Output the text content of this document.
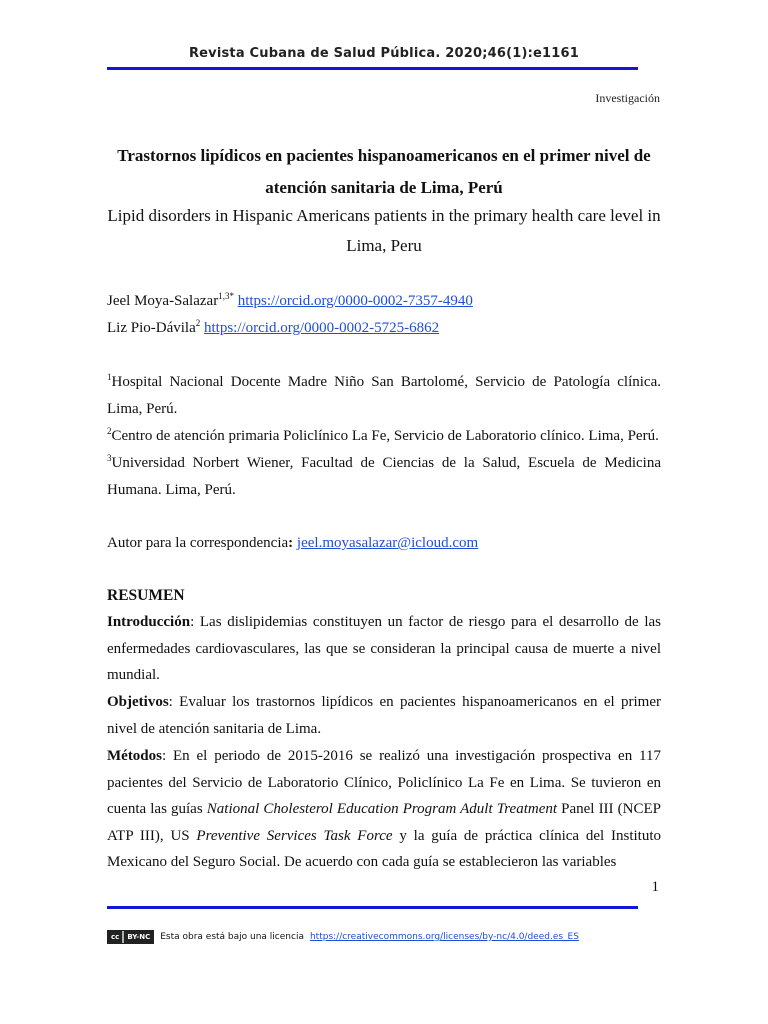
Revista Cubana de Salud Pública. 2020;46(1):e1161
Investigación
Trastornos lipídicos en pacientes hispanoamericanos en el primer nivel de atención sanitaria de Lima, Perú
Lipid disorders in Hispanic Americans patients in the primary health care level in Lima, Peru
Jeel Moya-Salazar$^{1,3*}$ https://orcid.org/0000-0002-7357-4940
Liz Pio-Dávila$^2$ https://orcid.org/0000-0002-5725-6862
$^1$Hospital Nacional Docente Madre Niño San Bartolomé, Servicio de Patología clínica. Lima, Perú.
$^2$Centro de atención primaria Policlínico La Fe, Servicio de Laboratorio clínico. Lima, Perú.
$^3$Universidad Norbert Wiener, Facultad de Ciencias de la Salud, Escuela de Medicina Humana. Lima, Perú.
Autor para la correspondencia: jeel.moyasalazar@icloud.com
RESUMEN
Introducción: Las dislipidemias constituyen un factor de riesgo para el desarrollo de las enfermedades cardiovasculares, las que se consideran la principal causa de muerte a nivel mundial.
Objetivos: Evaluar los trastornos lipídicos en pacientes hispanoamericanos en el primer nivel de atención sanitaria de Lima.
Métodos: En el periodo de 2015-2016 se realizó una investigación prospectiva en 117 pacientes del Servicio de Laboratorio Clínico, Policlínico La Fe en Lima. Se tuvieron en cuenta las guías National Cholesterol Education Program Adult Treatment Panel III (NCEP ATP III), US Preventive Services Task Force y la guía de práctica clínica del Instituto Mexicano del Seguro Social. De acuerdo con cada guía se establecieron las variables
1
cc	BY-NC	Esta obra está bajo una licencia https://creativecommons.org/licenses/by-nc/4.0/deed.es_ES
